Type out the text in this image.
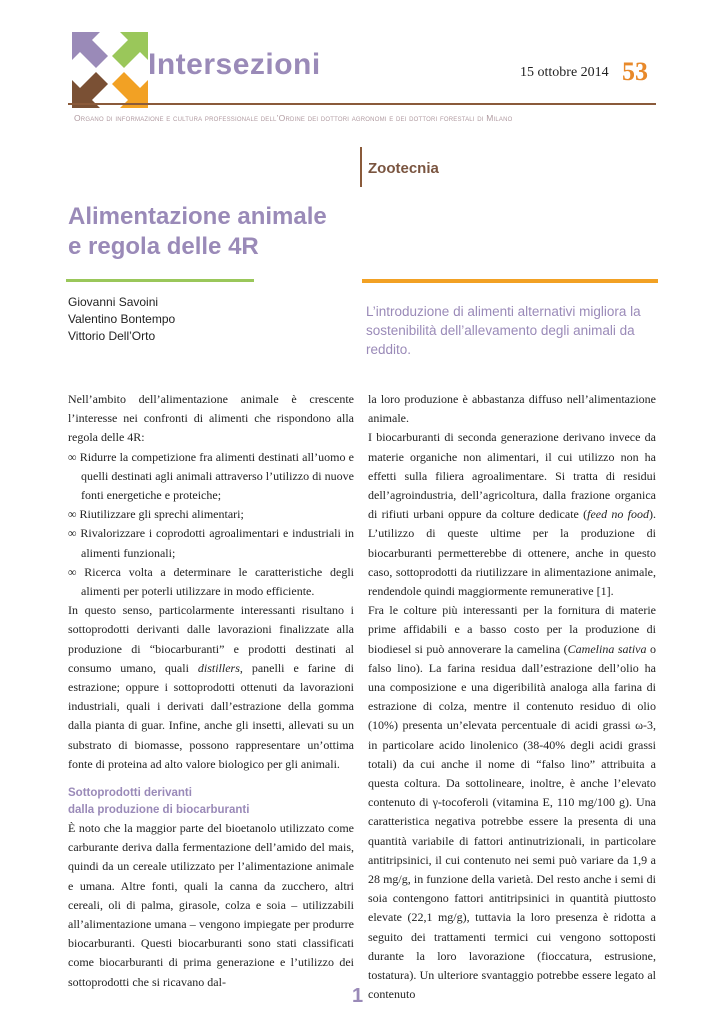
Intersezioni	15 ottobre 2014 53
Organo di informazione e cultura professionale dell’Ordine dei dottori agronomi e dei dottori forestali di Milano
Zootecnia
Alimentazione animale
e regola delle 4R
Giovanni Savoini
Valentino Bontempo
Vittorio Dell’Orto
L’introduzione di alimenti alternativi migliora la sostenibilità dell’allevamento degli animali da reddito.

Nell’ambito dell’alimentazione animale è crescente l’interesse nei confronti di alimenti che rispondono alla regola delle 4R:

∞ Ridurre la competizione fra alimenti destinati all’uomo e quelli destinati agli animali attraverso l’utilizzo di nuove fonti energetiche e proteiche;

∞ Riutilizzare gli sprechi alimentari;

∞ Rivalorizzare i coprodotti agroalimentari e industriali in alimenti funzionali;

∞ Ricerca volta a determinare le caratteristiche degli alimenti per poterli utilizzare in modo efficiente.

In questo senso, particolarmente interessanti risultano i sottoprodotti derivanti dalle lavorazioni finalizzate alla produzione di “biocarburanti” e prodotti destinati al consumo umano, quali distillers, panelli e farine di estrazione; oppure i sottoprodotti ottenuti da lavorazioni industriali, quali i derivati dall’estrazione della gomma dalla pianta di guar. Infine, anche gli insetti, allevati su un substrato di biomasse, possono rappresentare un’ottima fonte di proteina ad alto valore biologico per gli animali.

Sottoprodotti derivanti
dalla produzione di biocarburanti

È noto che la maggior parte del bioetanolo utilizzato come carburante deriva dalla fermentazione dell’amido del mais, quindi da un cereale utilizzato per l’alimentazione animale e umana. Altre fonti, quali la canna da zucchero, altri cereali, oli di palma, girasole, colza e soia – utilizzabili all’alimentazione umana – vengono impiegate per produrre biocarburanti. Questi biocarburanti sono stati classificati come biocarburanti di prima generazione e l’utilizzo dei sottoprodotti che si ricavano dal-

la loro produzione è abbastanza diffuso nell’alimentazione animale.

I biocarburanti di seconda generazione derivano invece da materie organiche non alimentari, il cui utilizzo non ha effetti sulla filiera agroalimentare. Si tratta di residui dell’agroindustria, dell’agricoltura, dalla frazione organica di rifiuti urbani oppure da colture dedicate (feed no food). L’utilizzo di queste ultime per la produzione di biocarburanti permetterebbe di ottenere, anche in questo caso, sottoprodotti da riutilizzare in alimentazione animale, rendendole quindi maggiormente remunerative [1].

Fra le colture più interessanti per la fornitura di materie prime affidabili e a basso costo per la produzione di biodiesel si può annoverare la camelina (Camelina sativa o falso lino). La farina residua dall’estrazione dell’olio ha una composizione e una digeribilità analoga alla farina di estrazione di colza, mentre il contenuto residuo di olio (10%) presenta un’elevata percentuale di acidi grassi ω-3, in particolare acido linolenico (38-40% degli acidi grassi totali) da cui anche il nome di “falso lino” attribuita a questa coltura. Da sottolineare, inoltre, è anche l’elevato contenuto di γ-tocoferoli (vitamina E, 110 mg/100 g). Una caratteristica negativa potrebbe essere la presenta di una quantità variabile di fattori antinutrizionali, in particolare antitripsinici, il cui contenuto nei semi può variare da 1,9 a 28 mg/g, in funzione della varietà. Del resto anche i semi di soia contengono fattori antitripsinici in quantità piuttosto elevate (22,1 mg/g), tuttavia la loro presenza è ridotta a seguito dei trattamenti termici cui vengono sottoposti durante la loro lavorazione (fioccatura, estrusione, tostatura). Un ulteriore svantaggio potrebbe essere legato al contenuto

1
